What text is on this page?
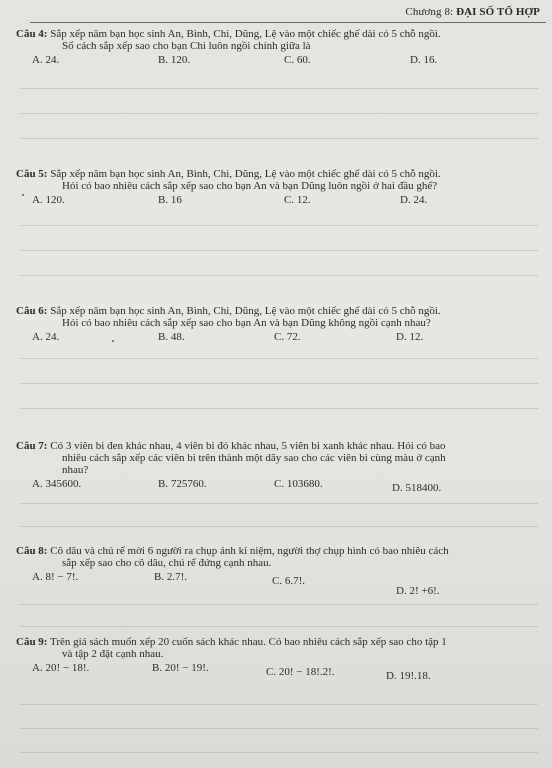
Chương 8: ĐẠI SỐ TỔ HỢP

Câu 4: Sắp xếp năm bạn học sinh An, Bình, Chi, Dũng, Lệ vào một chiếc ghế dài có 5 chỗ ngồi.

Số cách sắp xếp sao cho bạn Chi luôn ngồi chính giữa là

A. 24.	B. 120.	C. 60.	D. 16.

Câu 5: Sắp xếp năm bạn học sinh An, Bình, Chi, Dũng, Lệ vào một chiếc ghế dài có 5 chỗ ngồi.

Hỏi có bao nhiêu cách sắp xếp sao cho bạn An và bạn Dũng luôn ngồi ở hai đầu ghế?

A. 120.	B. 16	C. 12.	D. 24.

Câu 6: Sắp xếp năm bạn học sinh An, Bình, Chi, Dũng, Lệ vào một chiếc ghế dài có 5 chỗ ngồi.

Hỏi có bao nhiêu cách sắp xếp sao cho bạn An và bạn Dũng không ngồi cạnh nhau?

A. 24.	B. 48.	C. 72.	D. 12.

Câu 7: Có 3 viên bi đen khác nhau, 4 viên bi đỏ khác nhau, 5 viên bi xanh khác nhau. Hỏi có bao

nhiêu cách sắp xếp các viên bi trên thành một dãy sao cho các viên bi cùng màu ở cạnh

nhau?

A. 345600.	B. 725760.	C. 103680.	D. 518400.

Câu 8: Cô dâu và chú rể mời 6 người ra chụp ảnh kỉ niệm, người thợ chụp hình có bao nhiêu cách

sắp xếp sao cho cô dâu, chú rể đứng cạnh nhau.

A. 8! − 7!.	B. 2.7!.	C. 6.7!.
D. 2! +6!.

Câu 9: Trên giá sách muốn xếp 20 cuốn sách khác nhau. Có bao nhiêu cách sắp xếp sao cho tập 1

và tập 2 đặt cạnh nhau.

A. 20! − 18!.	B. 20! − 19!.	C. 20! − 18!.2!.	D. 19!.18.
